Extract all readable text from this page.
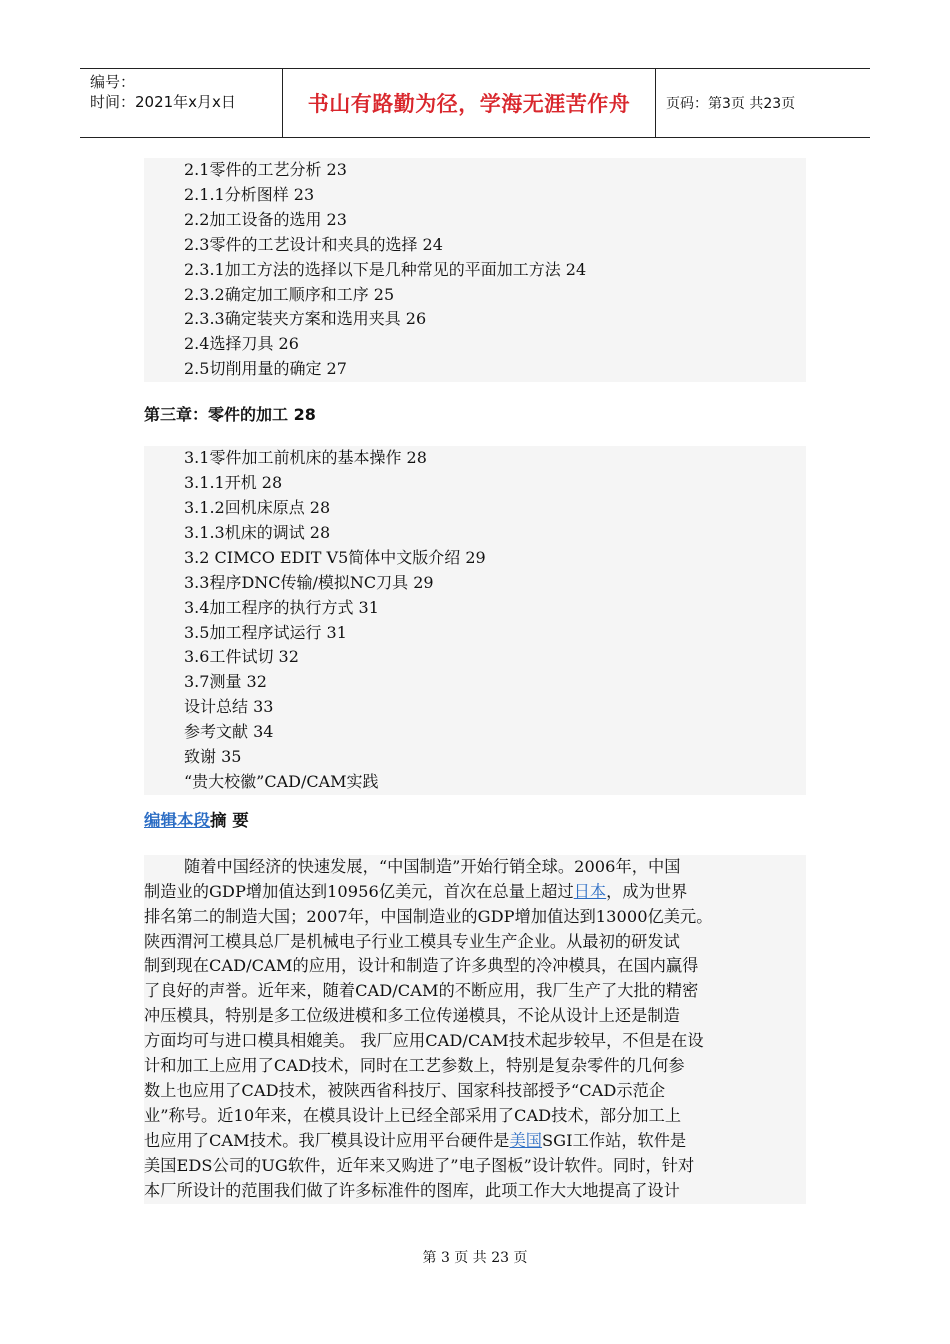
编号：
时间：2021年x月x日	书山有路勤为径，学海无涯苦作舟	页码：第3页 共23页
2.1零件的工艺分析 23
2.1.1分析图样 23
2.2加工设备的选用 23
2.3零件的工艺设计和夹具的选择 24
2.3.1加工方法的选择以下是几种常见的平面加工方法 24
2.3.2确定加工顺序和工序 25
2.3.3确定装夹方案和选用夹具 26
2.4选择刀具 26
2.5切削用量的确定 27
第三章：零件的加工 28
3.1零件加工前机床的基本操作 28
3.1.1开机 28
3.1.2回机床原点 28
3.1.3机床的调试 28
3.2 CIMCO EDIT V5简体中文版介绍 29
3.3程序DNC传输/模拟NC刀具 29
3.4加工程序的执行方式 31
3.5加工程序试运行 31
3.6工件试切 32
3.7测量 32
设计总结 33
参考文献 34
致谢 35
“贵大校徽”CAD/CAM实践
编辑本段摘 要
随着中国经济的快速发展，“中国制造”开始行销全球。2006年，中国
制造业的GDP增加值达到10956亿美元，首次在总量上超过日本，成为世界
排名第二的制造大国；2007年，中国制造业的GDP增加值达到13000亿美元。
陕西渭河工模具总厂是机械电子行业工模具专业生产企业。从最初的研发试
制到现在CAD/CAM的应用，设计和制造了许多典型的冷冲模具，在国内赢得
了良好的声誉。近年来，随着CAD/CAM的不断应用，我厂生产了大批的精密
冲压模具，特别是多工位级进模和多工位传递模具，不论从设计上还是制造
方面均可与进口模具相媲美。 我厂应用CAD/CAM技术起步较早，不但是在设
计和加工上应用了CAD技术，同时在工艺参数上，特别是复杂零件的几何参
数上也应用了CAD技术，被陕西省科技厅、国家科技部授予“CAD示范企
业”称号。近10年来，在模具设计上已经全部采用了CAD技术，部分加工上
也应用了CAM技术。我厂模具设计应用平台硬件是美国SGI工作站，软件是
美国EDS公司的UG软件，近年来又购进了”电子图板”设计软件。同时，针对
本厂所设计的范围我们做了许多标准件的图库，此项工作大大地提高了设计
第 3 页 共 23 页
